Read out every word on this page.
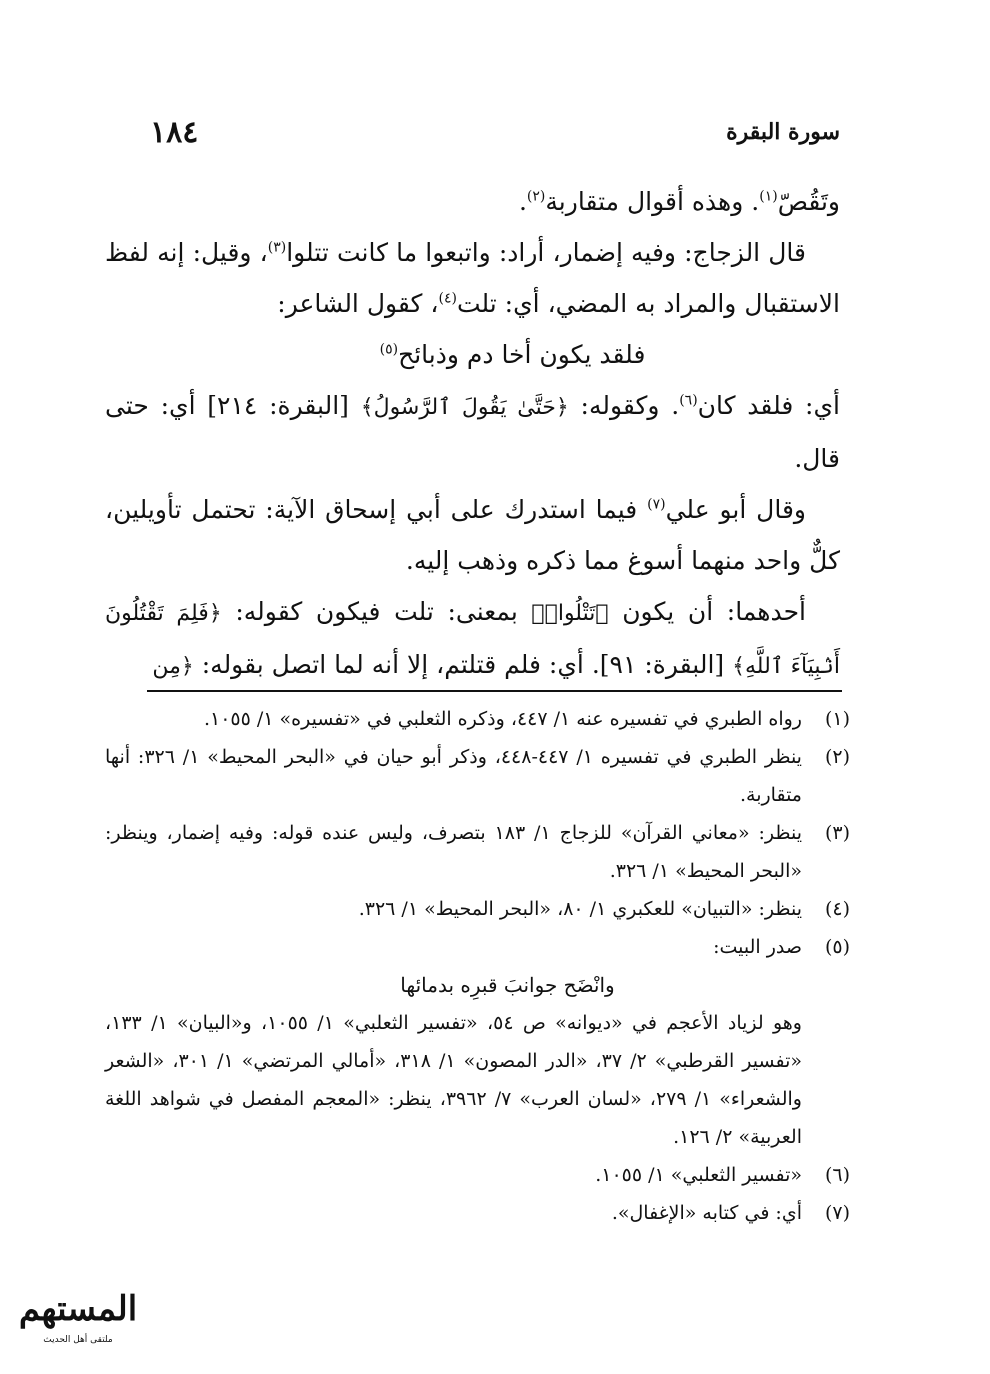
سورة البقرة
١٨٤

وتَقُصّ$^{(١)}$. وهذه أقوال متقاربة$^{(٢)}$.

قال الزجاج: وفيه إضمار، أراد: واتبعوا ما كانت تتلوا$^{(٣)}$، وقيل: إنه لفظ الاستقبال والمراد به المضي، أي: تلت$^{(٤)}$، كقول الشاعر:

فلقد يكون أخا دم وذبائح$^{(٥)}$

أي: فلقد كان$^{(٦)}$. وكقوله: ﴿حَتَّىٰ يَقُولَ ٱلرَّسُولُ﴾ [البقرة: ٢١٤] أي: حتى قال.

وقال أبو علي$^{(٧)}$ فيما استدرك على أبي إسحاق الآية: تحتمل تأويلين، كلٌّ واحد منهما أسوغ مما ذكره وذهب إليه.

أحدهما: أن يكون ﴿تَتْلُوا۟﴾ بمعنى: تلت فيكون كقوله: ﴿فَلِمَ تَقْتُلُونَ أَنۢبِيَآءَ ٱللَّهِ﴾ [البقرة: ٩١]. أي: فلم قتلتم، إلا أنه لما اتصل بقوله: ﴿مِن

(١)
رواه الطبري في تفسيره عنه ١/ ٤٤٧، وذكره الثعلبي في «تفسيره» ١/ ١٠٥٥.
(٢)
ينظر الطبري في تفسيره ١/ ٤٤٧-٤٤٨، وذكر أبو حيان في «البحر المحيط» ١/ ٣٢٦: أنها متقاربة.
(٣)
ينظر: «معاني القرآن» للزجاج ١/ ١٨٣ بتصرف، وليس عنده قوله: وفيه إضمار، وينظر: «البحر المحيط» ١/ ٣٢٦.
(٤)
ينظر: «التبيان» للعكبري ١/ ٨٠، «البحر المحيط» ١/ ٣٢٦.
(٥)
صدر البيت:
وانْضَح جوانبَ قبرِه بدمائها
وهو لزياد الأعجم في «ديوانه» ص ٥٤، «تفسير الثعلبي» ١/ ١٠٥٥، و«البيان» ١/ ١٣٣، «تفسير القرطبي» ٢/ ٣٧، «الدر المصون» ١/ ٣١٨، «أمالي المرتضي» ١/ ٣٠١، «الشعر والشعراء» ١/ ٢٧٩، «لسان العرب» ٧/ ٣٩٦٢، ينظر: «المعجم المفصل في شواهد اللغة العربية» ٢/ ١٢٦.
(٦)
«تفسير الثعلبي» ١/ ١٠٥٥.
(٧)
أي: في كتابه «الإغفال».
المستهم
ملتقى أهل الحديث
